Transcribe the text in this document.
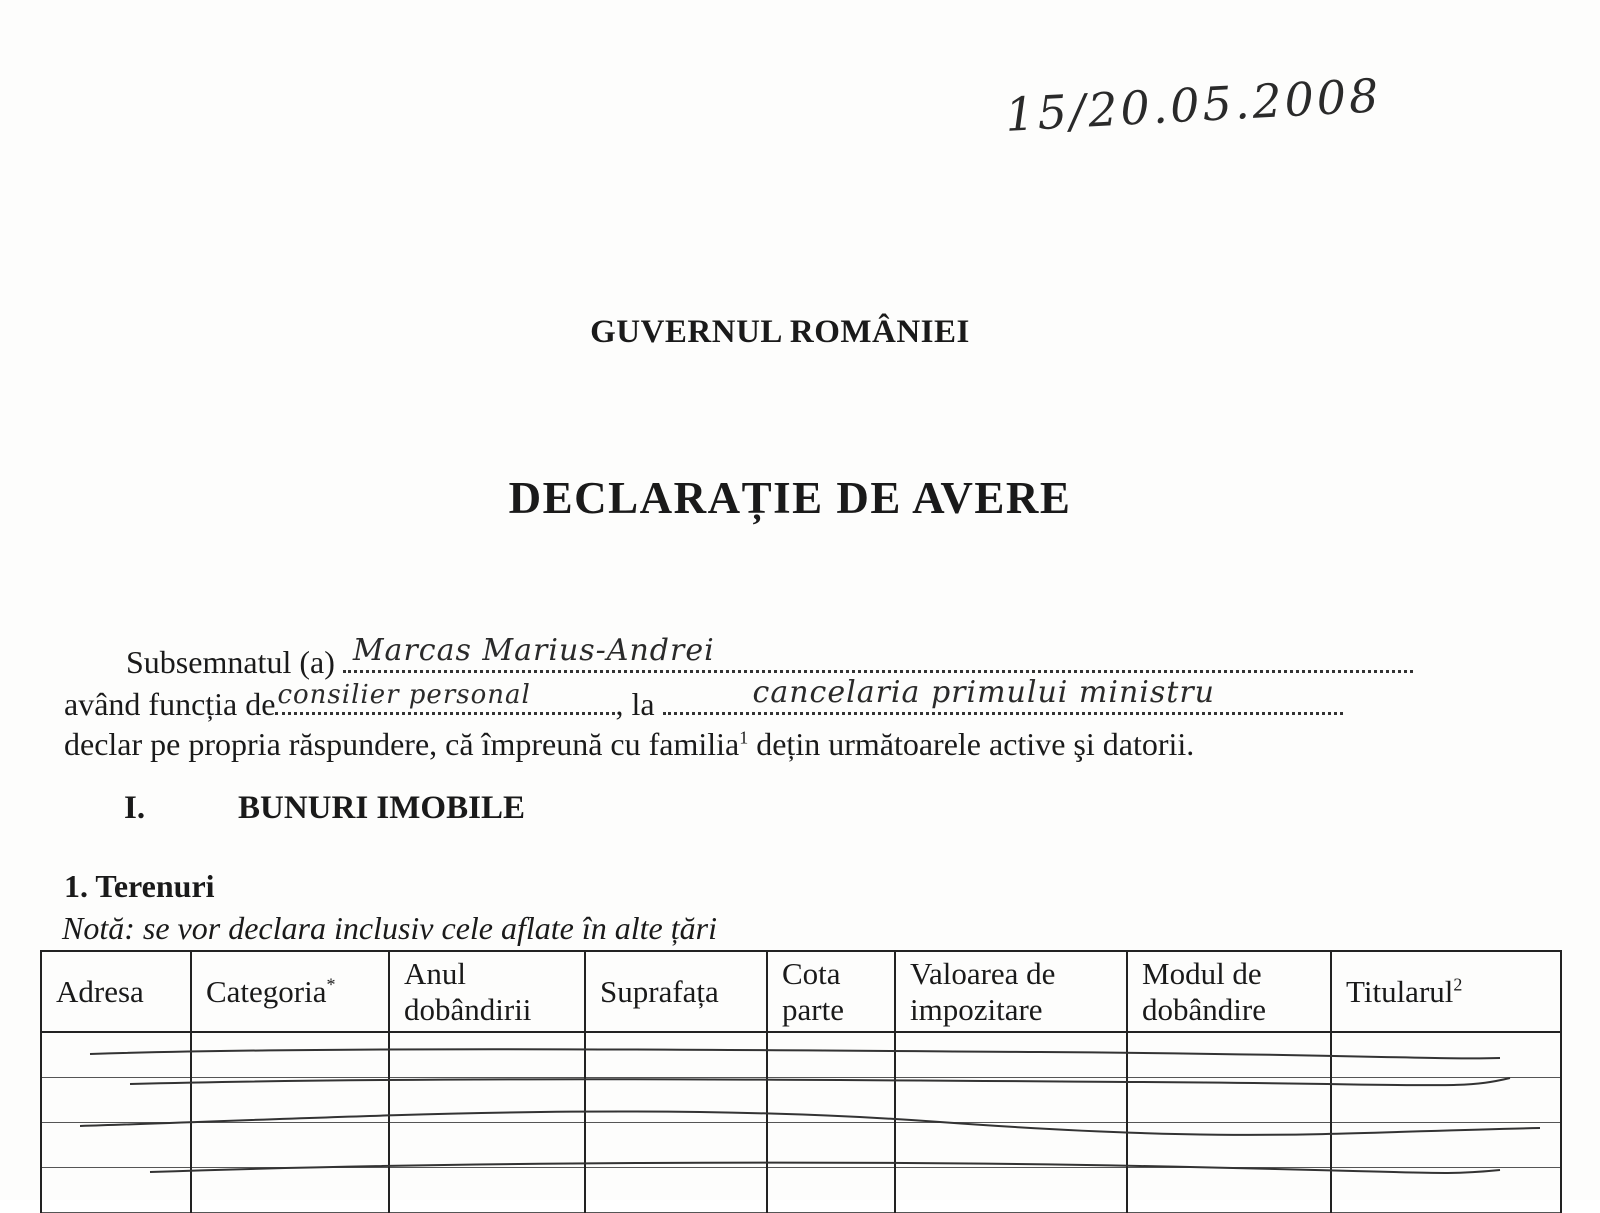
15/20.05.2008
GUVERNUL ROMÂNIEI
DECLARAȚIE DE AVERE
Subsemnatul (a) Marcas Marius-Andrei
având funcția de consilier personal	, la	cancelaria primului ministru
declar pe propria răspundere, că împreună cu familia$^1$ dețin următoarele active şi datorii.
I.	BUNURI IMOBILE
1. Terenuri
Notă: se vor declara inclusiv cele aflate în alte țări
Adresa	Categoria*	Anul dobândirii	Suprafața	Cota parte	Valoarea de impozitare	Modul de dobândire	Titularul$^2$
